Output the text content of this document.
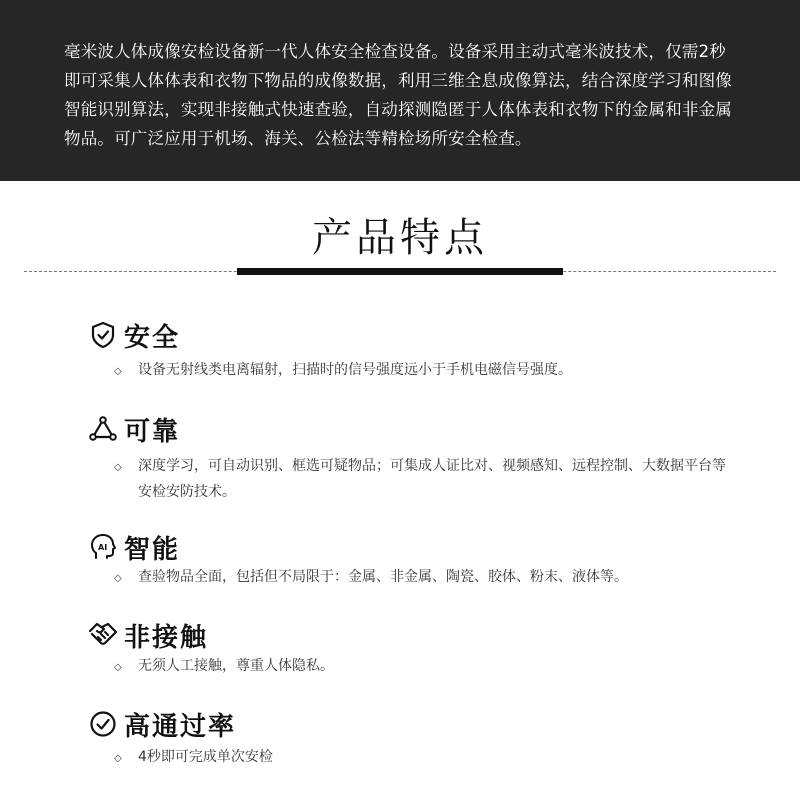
毫米波人体成像安检设备新一代人体安全检查设备。设备采用主动式毫米波技术，仅需2秒即可采集人体体表和衣物下物品的成像数据，利用三维全息成像算法，结合深度学习和图像智能识别算法，实现非接触式快速查验，自动探测隐匿于人体体表和衣物下的金属和非金属物品。可广泛应用于机场、海关、公检法等精检场所安全检查。

产品特点
安全

◇ 设备无射线类电离辐射，扫描时的信号强度远小于手机电磁信号强度。

可靠

◇ 深度学习，可自动识别、框选可疑物品；可集成人证比对、视频感知、远程控制、大数据平台等安检安防技术。

AI 智能

◇ 查验物品全面，包括但不局限于：金属、非金属、陶瓷、胶体、粉末、液体等。

非接触

◇ 无须人工接触，尊重人体隐私。

高通过率

◇ 4秒即可完成单次安检
